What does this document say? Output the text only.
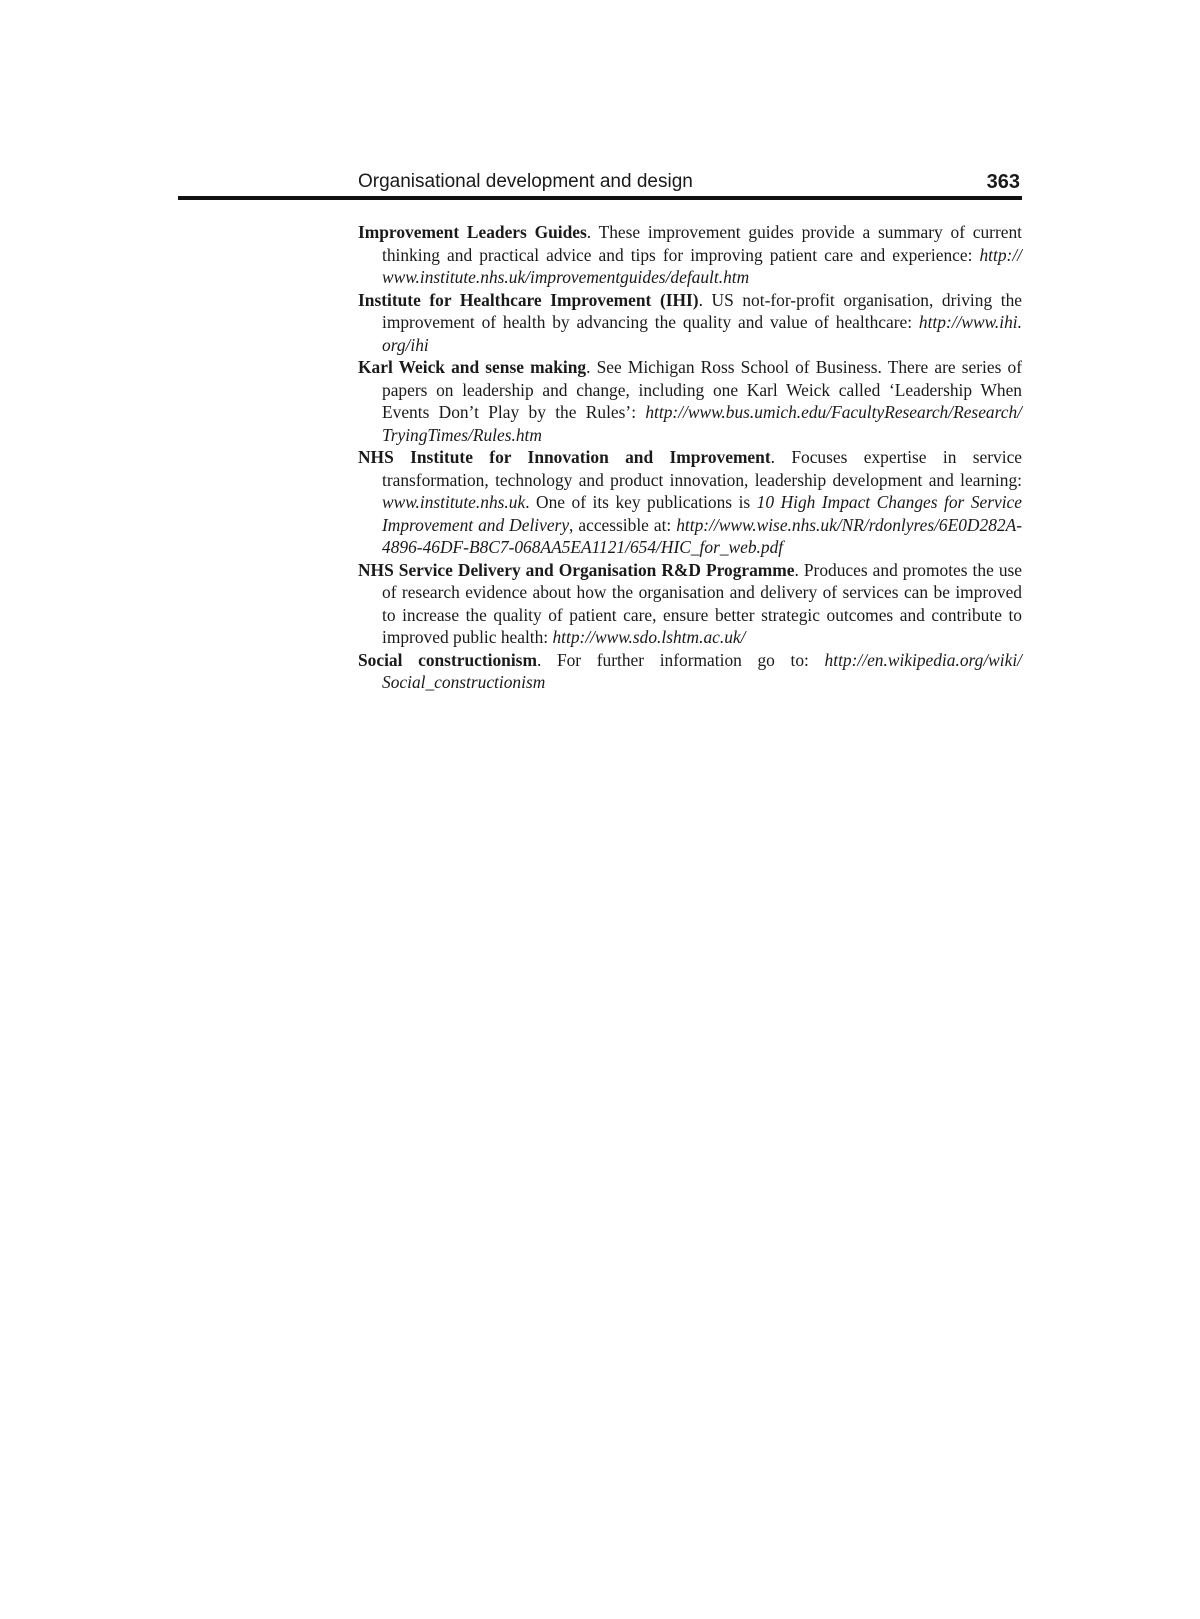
Organisational development and design	363

Improvement Leaders Guides. These improvement guides provide a summary of current thinking and practical advice and tips for improving patient care and experience: http://www.institute.nhs.uk/improvementguides/default.htm

Institute for Healthcare Improvement (IHI). US not-for-profit organisation, driving the improvement of health by advancing the quality and value of healthcare: http://www.ihi.org/ihi

Karl Weick and sense making. See Michigan Ross School of Business. There are series of papers on leadership and change, including one Karl Weick called ‘Leadership When Events Don’t Play by the Rules’: http://www.bus.umich.edu/FacultyResearch/Research/TryingTimes/Rules.htm

NHS Institute for Innovation and Improvement. Focuses expertise in service transformation, technology and product innovation, leadership development and learning: www.institute.nhs.uk. One of its key publications is 10 High Impact Changes for Service Improvement and Delivery, accessible at: http://www.wise.nhs.uk/NR/rdonlyres/6E0D282A-4896-46DF-B8C7-068AA5EA1121/654/HIC_for_web.pdf

NHS Service Delivery and Organisation R&D Programme. Produces and promotes the use of research evidence about how the organisation and delivery of services can be improved to increase the quality of patient care, ensure better strategic outcomes and contribute to improved public health: http://www.sdo.lshtm.ac.uk/

Social constructionism. For further information go to: http://en.wikipedia.org/wiki/Social_constructionism
